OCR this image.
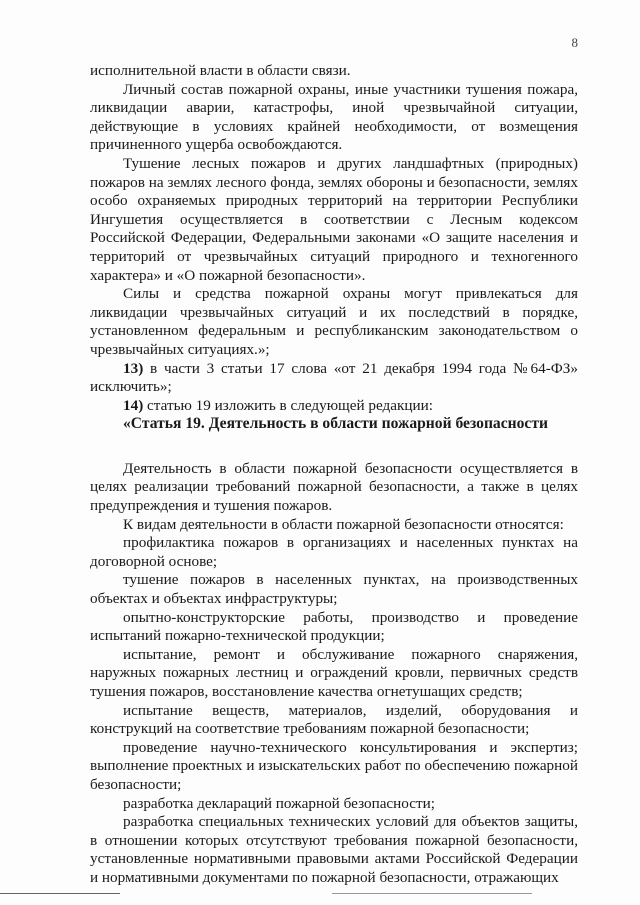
8

исполнительной власти в области связи.

Личный состав пожарной охраны, иные участники тушения пожара, ликвидации аварии, катастрофы, иной чрезвычайной ситуации, действующие в условиях крайней необходимости, от возмещения причиненного ущерба освобождаются.

Тушение лесных пожаров и других ландшафтных (природных) пожаров на землях лесного фонда, землях обороны и безопасности, землях особо охраняемых природных территорий на территории Республики Ингушетия осуществляется в соответствии с Лесным кодексом Российской Федерации, Федеральными законами «О защите населения и территорий от чрезвычайных ситуаций природного и техногенного характера» и «О пожарной безопасности».

Силы и средства пожарной охраны могут привлекаться для ликвидации чрезвычайных ситуаций и их последствий в порядке, установленном федеральным и республиканским законодательством о чрезвычайных ситуациях.»;

13) в части 3 статьи 17 слова «от 21 декабря 1994 года №64-ФЗ» исключить»;

14) статью 19 изложить в следующей редакции:

«Статья 19. Деятельность в области пожарной безопасности

Деятельность в области пожарной безопасности осуществляется в целях реализации требований пожарной безопасности, а также в целях предупреждения и тушения пожаров.

К видам деятельности в области пожарной безопасности относятся:

профилактика пожаров в организациях и населенных пунктах на договорной основе;

тушение пожаров в населенных пунктах, на производственных объектах и объектах инфраструктуры;

опытно-конструкторские работы, производство и проведение испытаний пожарно-технической продукции;

испытание, ремонт и обслуживание пожарного снаряжения, наружных пожарных лестниц и ограждений кровли, первичных средств тушения пожаров, восстановление качества огнетушащих средств;

испытание веществ, материалов, изделий, оборудования и конструкций на соответствие требованиям пожарной безопасности;

проведение научно-технического консультирования и экспертиз; выполнение проектных и изыскательских работ по обеспечению пожарной безопасности;

разработка деклараций пожарной безопасности;

разработка специальных технических условий для объектов защиты, в отношении которых отсутствуют требования пожарной безопасности, установленные нормативными правовыми актами Российской Федерации и нормативными документами по пожарной безопасности, отражающих
